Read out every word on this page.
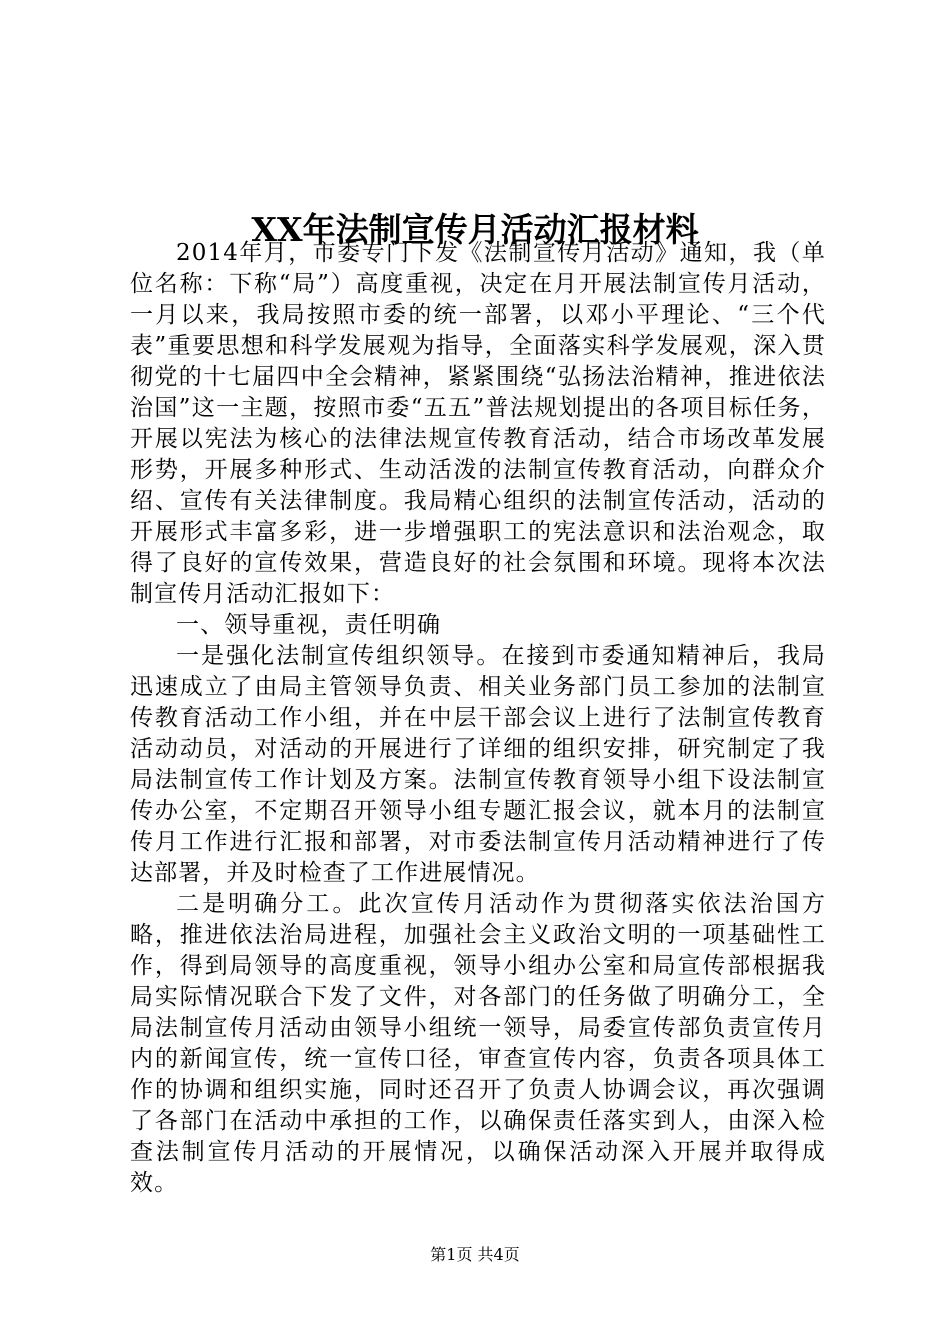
XX年法制宣传月活动汇报材料

2014年月，市委专门下发《法制宣传月活动》通知，我（单位名称：下称“局”）高度重视，决定在月开展法制宣传月活动，一月以来，我局按照市委的统一部署，以邓小平理论、“三个代表”重要思想和科学发展观为指导，全面落实科学发展观，深入贯彻党的十七届四中全会精神，紧紧围绕“弘扬法治精神，推进依法治国”这一主题，按照市委“五五”普法规划提出的各项目标任务，开展以宪法为核心的法律法规宣传教育活动，结合市场改革发展形势，开展多种形式、生动活泼的法制宣传教育活动，向群众介绍、宣传有关法律制度。我局精心组织的法制宣传活动，活动的开展形式丰富多彩，进一步增强职工的宪法意识和法治观念，取得了良好的宣传效果，营造良好的社会氛围和环境。现将本次法制宣传月活动汇报如下：

一、领导重视，责任明确

一是强化法制宣传组织领导。在接到市委通知精神后，我局迅速成立了由局主管领导负责、相关业务部门员工参加的法制宣传教育活动工作小组，并在中层干部会议上进行了法制宣传教育活动动员，对活动的开展进行了详细的组织安排，研究制定了我局法制宣传工作计划及方案。法制宣传教育领导小组下设法制宣传办公室，不定期召开领导小组专题汇报会议，就本月的法制宣传月工作进行汇报和部署，对市委法制宣传月活动精神进行了传达部署，并及时检查了工作进展情况。

二是明确分工。此次宣传月活动作为贯彻落实依法治国方略，推进依法治局进程，加强社会主义政治文明的一项基础性工作，得到局领导的高度重视，领导小组办公室和局宣传部根据我局实际情况联合下发了文件，对各部门的任务做了明确分工，全局法制宣传月活动由领导小组统一领导，局委宣传部负责宣传月内的新闻宣传，统一宣传口径，审查宣传内容，负责各项具体工作的协调和组织实施，同时还召开了负责人协调会议，再次强调了各部门在活动中承担的工作，以确保责任落实到人，由深入检查法制宣传月活动的开展情况，以确保活动深入开展并取得成效。

第1页 共4页
